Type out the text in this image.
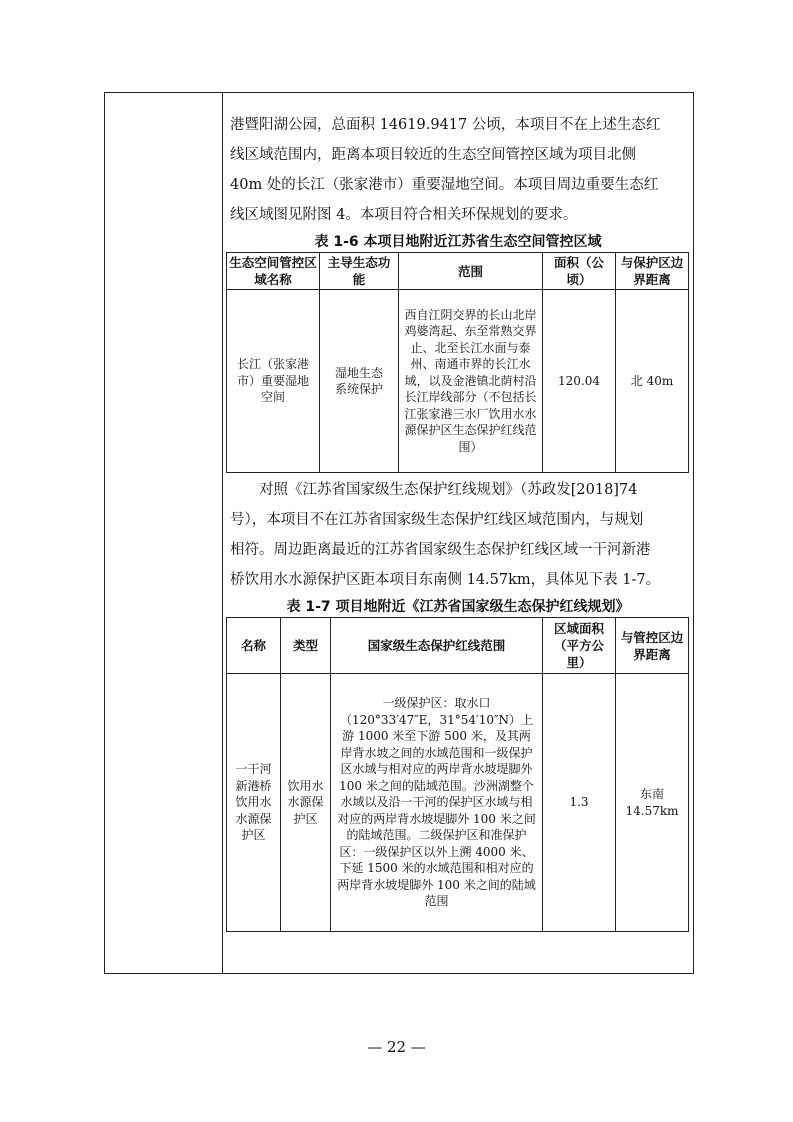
港暨阳湖公园，总面积 14619.9417 公顷，本项目不在上述生态红

线区域范围内，距离本项目较近的生态空间管控区域为项目北侧

40m 处的长江（张家港市）重要湿地空间。本项目周边重要生态红

线区域图见附图 4。本项目符合相关环保规划的要求。

表 1-6 本项目地附近江苏省生态空间管控区域

生态空间管控区域名称	主导生态功能	范围	面积（公顷）	与保护区边界距离
长江（张家港市）重要湿地空间	湿地生态系统保护	西自江阴交界的长山北岸鸡婆湾起、东至常熟交界止、北至长江水面与泰州、南通市界的长江水域，以及金港镇北荫村沿长江岸线部分（不包括长江张家港三水厂饮用水水源保护区生态保护红线范围）	120.04	北 40m

对照《江苏省国家级生态保护红线规划》（苏政发[2018]74

号），本项目不在江苏省国家级生态保护红线区域范围内，与规划

相符。周边距离最近的江苏省国家级生态保护红线区域一干河新港

桥饮用水水源保护区距本项目东南侧 14.57km，具体见下表 1-7。

表 1-7 项目地附近《江苏省国家级生态保护红线规划》

名称	类型	国家级生态保护红线范围	区域面积（平方公里）	与管控区边界距离
一干河新港桥饮用水水源保护区	饮用水水源保护区	一级保护区：取水口（120°33′47″E，31°54′10″N）上游 1000 米至下游 500 米，及其两岸背水坡之间的水域范围和一级保护区水域与相对应的两岸背水坡堤脚外 100 米之间的陆域范围。沙洲湖整个水域以及沿一干河的保护区水域与相对应的两岸背水坡堤脚外 100 米之间的陆域范围。二级保护区和准保护区：一级保护区以外上溯 4000 米、下延 1500 米的水域范围和相对应的两岸背水坡堤脚外 100 米之间的陆域范围	1.3	东南 14.57km
— 22 —
